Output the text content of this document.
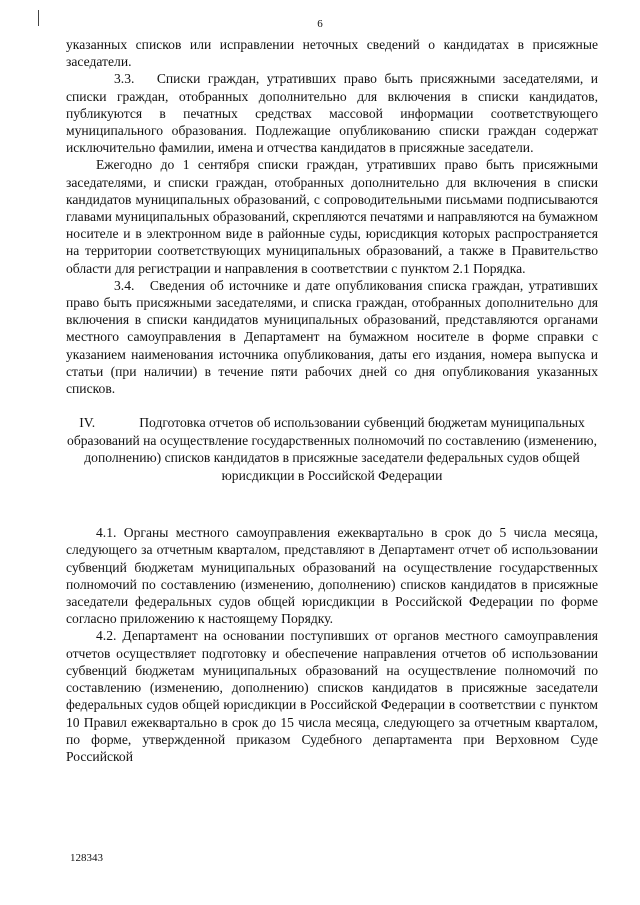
6

указанных списков или исправлении неточных сведений о кандидатах в присяжные заседатели.

3.3.   Списки граждан, утративших право быть присяжными заседателями, и списки граждан, отобранных дополнительно для включения в списки кандидатов, публикуются в печатных средствах массовой информации соответствующего муниципального образования. Подлежащие опубликованию списки граждан содержат исключительно фамилии, имена и отчества кандидатов в присяжные заседатели.

Ежегодно до 1 сентября списки граждан, утративших право быть присяжными заседателями, и списки граждан, отобранных дополнительно для включения в списки кандидатов муниципальных образований, с сопроводительными письмами подписываются главами муниципальных образований, скрепляются печатями и направляются на бумажном носителе и в электронном виде в районные суды, юрисдикция которых распространяется на территории соответствующих муниципальных образований, а также в Правительство области для регистрации и направления в соответствии с пунктом 2.1 Порядка.

3.4.   Сведения об источнике и дате опубликования списка граждан, утративших право быть присяжными заседателями, и списка граждан, отобранных дополнительно для включения в списки кандидатов муниципальных образований, представляются органами местного самоуправления в Департамент на бумажном носителе в форме справки с указанием наименования источника опубликования, даты его издания, номера выпуска и статьи (при наличии) в течение пяти рабочих дней со дня опубликования указанных списков.

IV.	Подготовка отчетов об использовании субвенций бюджетам муниципальных образований на осуществление государственных полномочий по составлению (изменению, дополнению) списков кандидатов в присяжные заседатели федеральных судов общей юрисдикции в Российской Федерации

4.1. Органы местного самоуправления ежеквартально в срок до 5 числа месяца, следующего за отчетным кварталом, представляют в Департамент отчет об использовании субвенций бюджетам муниципальных образований на осуществление государственных полномочий по составлению (изменению, дополнению) списков кандидатов в присяжные заседатели федеральных судов общей юрисдикции в Российской Федерации по форме согласно приложению к настоящему Порядку.

4.2. Департамент на основании поступивших от органов местного самоуправления отчетов осуществляет подготовку и обеспечение направления отчетов об использовании субвенций бюджетам муниципальных образований на осуществление полномочий по составлению (изменению, дополнению) списков кандидатов в присяжные заседатели федеральных судов общей юрисдикции в Российской Федерации в соответствии с пунктом 10 Правил ежеквартально в срок до 15 числа месяца, следующего за отчетным кварталом, по форме, утвержденной приказом Судебного департамента при Верховном Суде Российской

128343
